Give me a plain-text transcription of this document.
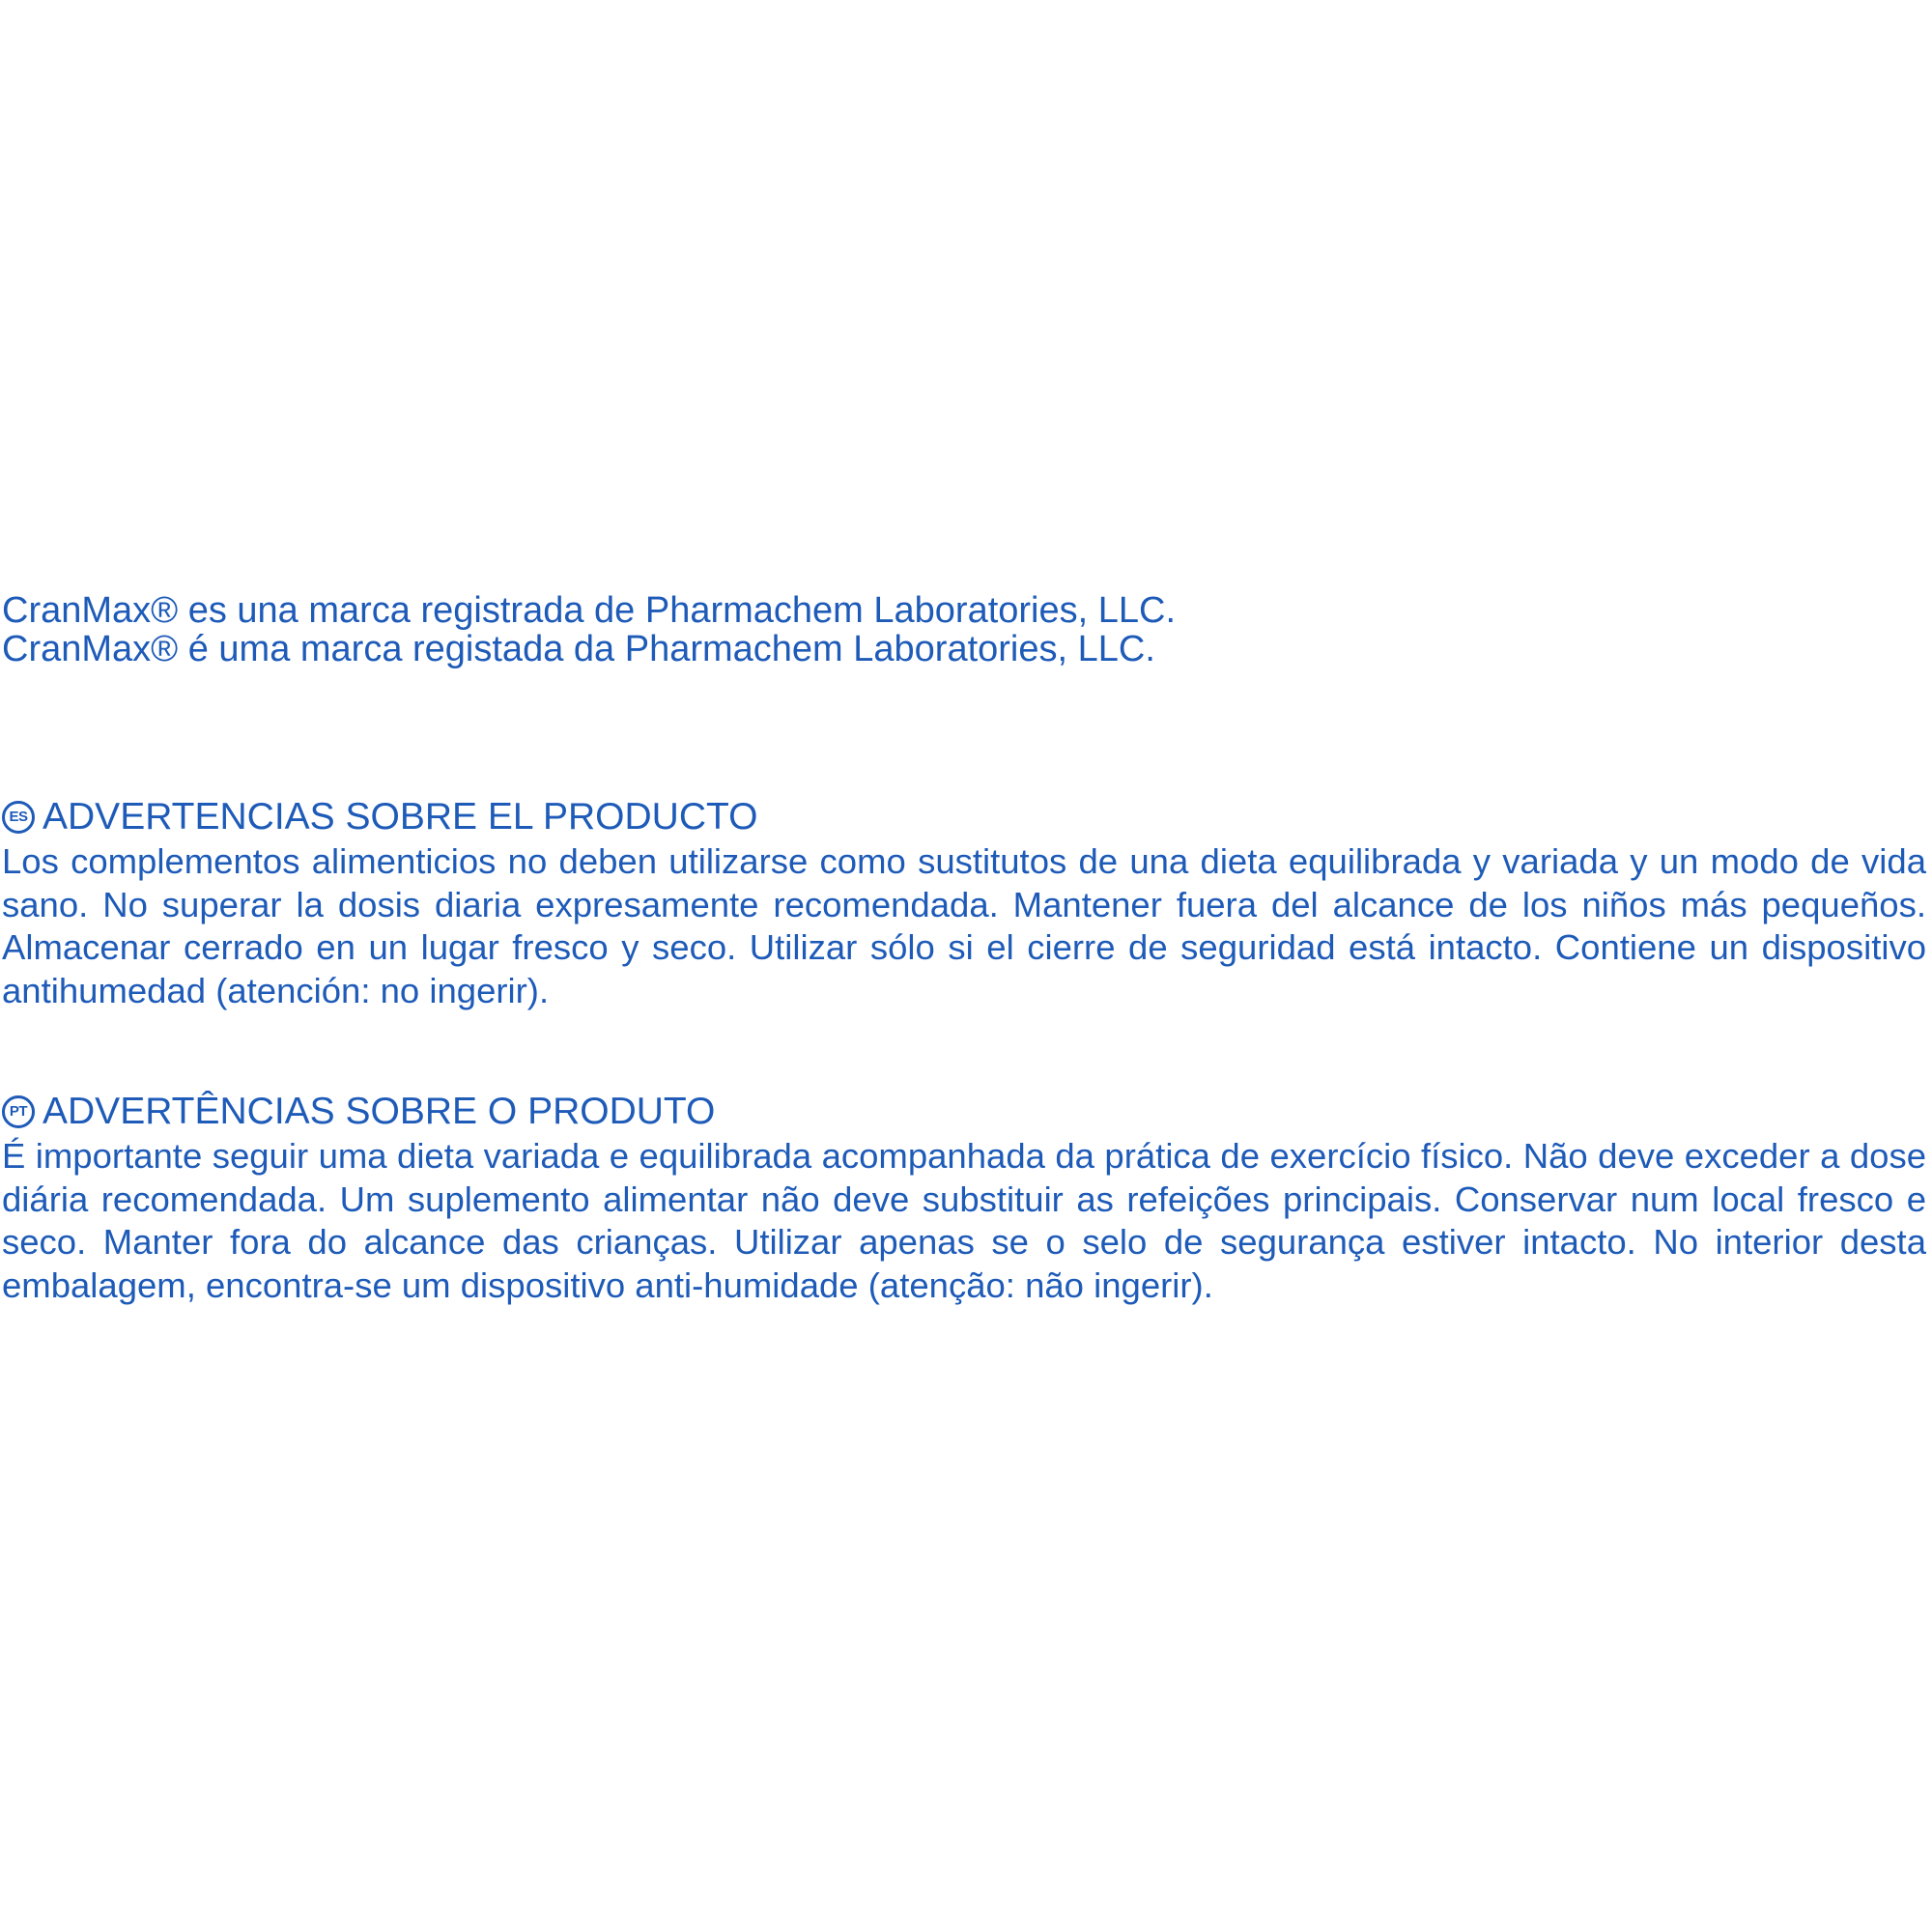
CranMax® es una marca registrada de Pharmachem Laboratories, LLC.
CranMax® é uma marca registada da Pharmachem Laboratories, LLC.
ES ADVERTENCIAS SOBRE EL PRODUCTO

Los complementos alimenticios no deben utilizarse como sustitutos de una dieta equilibrada y variada y un modo de vida sano. No superar la dosis diaria expresamente recomendada. Mantener fuera del alcance de los niños más pequeños. Almacenar cerrado en un lugar fresco y seco. Utilizar sólo si el cierre de seguridad está intacto. Contiene un dispositivo antihumedad (atención: no ingerir).

PT ADVERTÊNCIAS SOBRE O PRODUTO

É importante seguir uma dieta variada e equilibrada acompanhada da prática de exercício físico. Não deve exceder a dose diária recomendada. Um suplemento alimentar não deve substituir as refeições principais. Conservar num local fresco e seco. Manter fora do alcance das crianças. Utilizar apenas se o selo de segurança estiver intacto. No interior desta embalagem, encontra-se um dispositivo anti-humidade (atenção: não ingerir).
